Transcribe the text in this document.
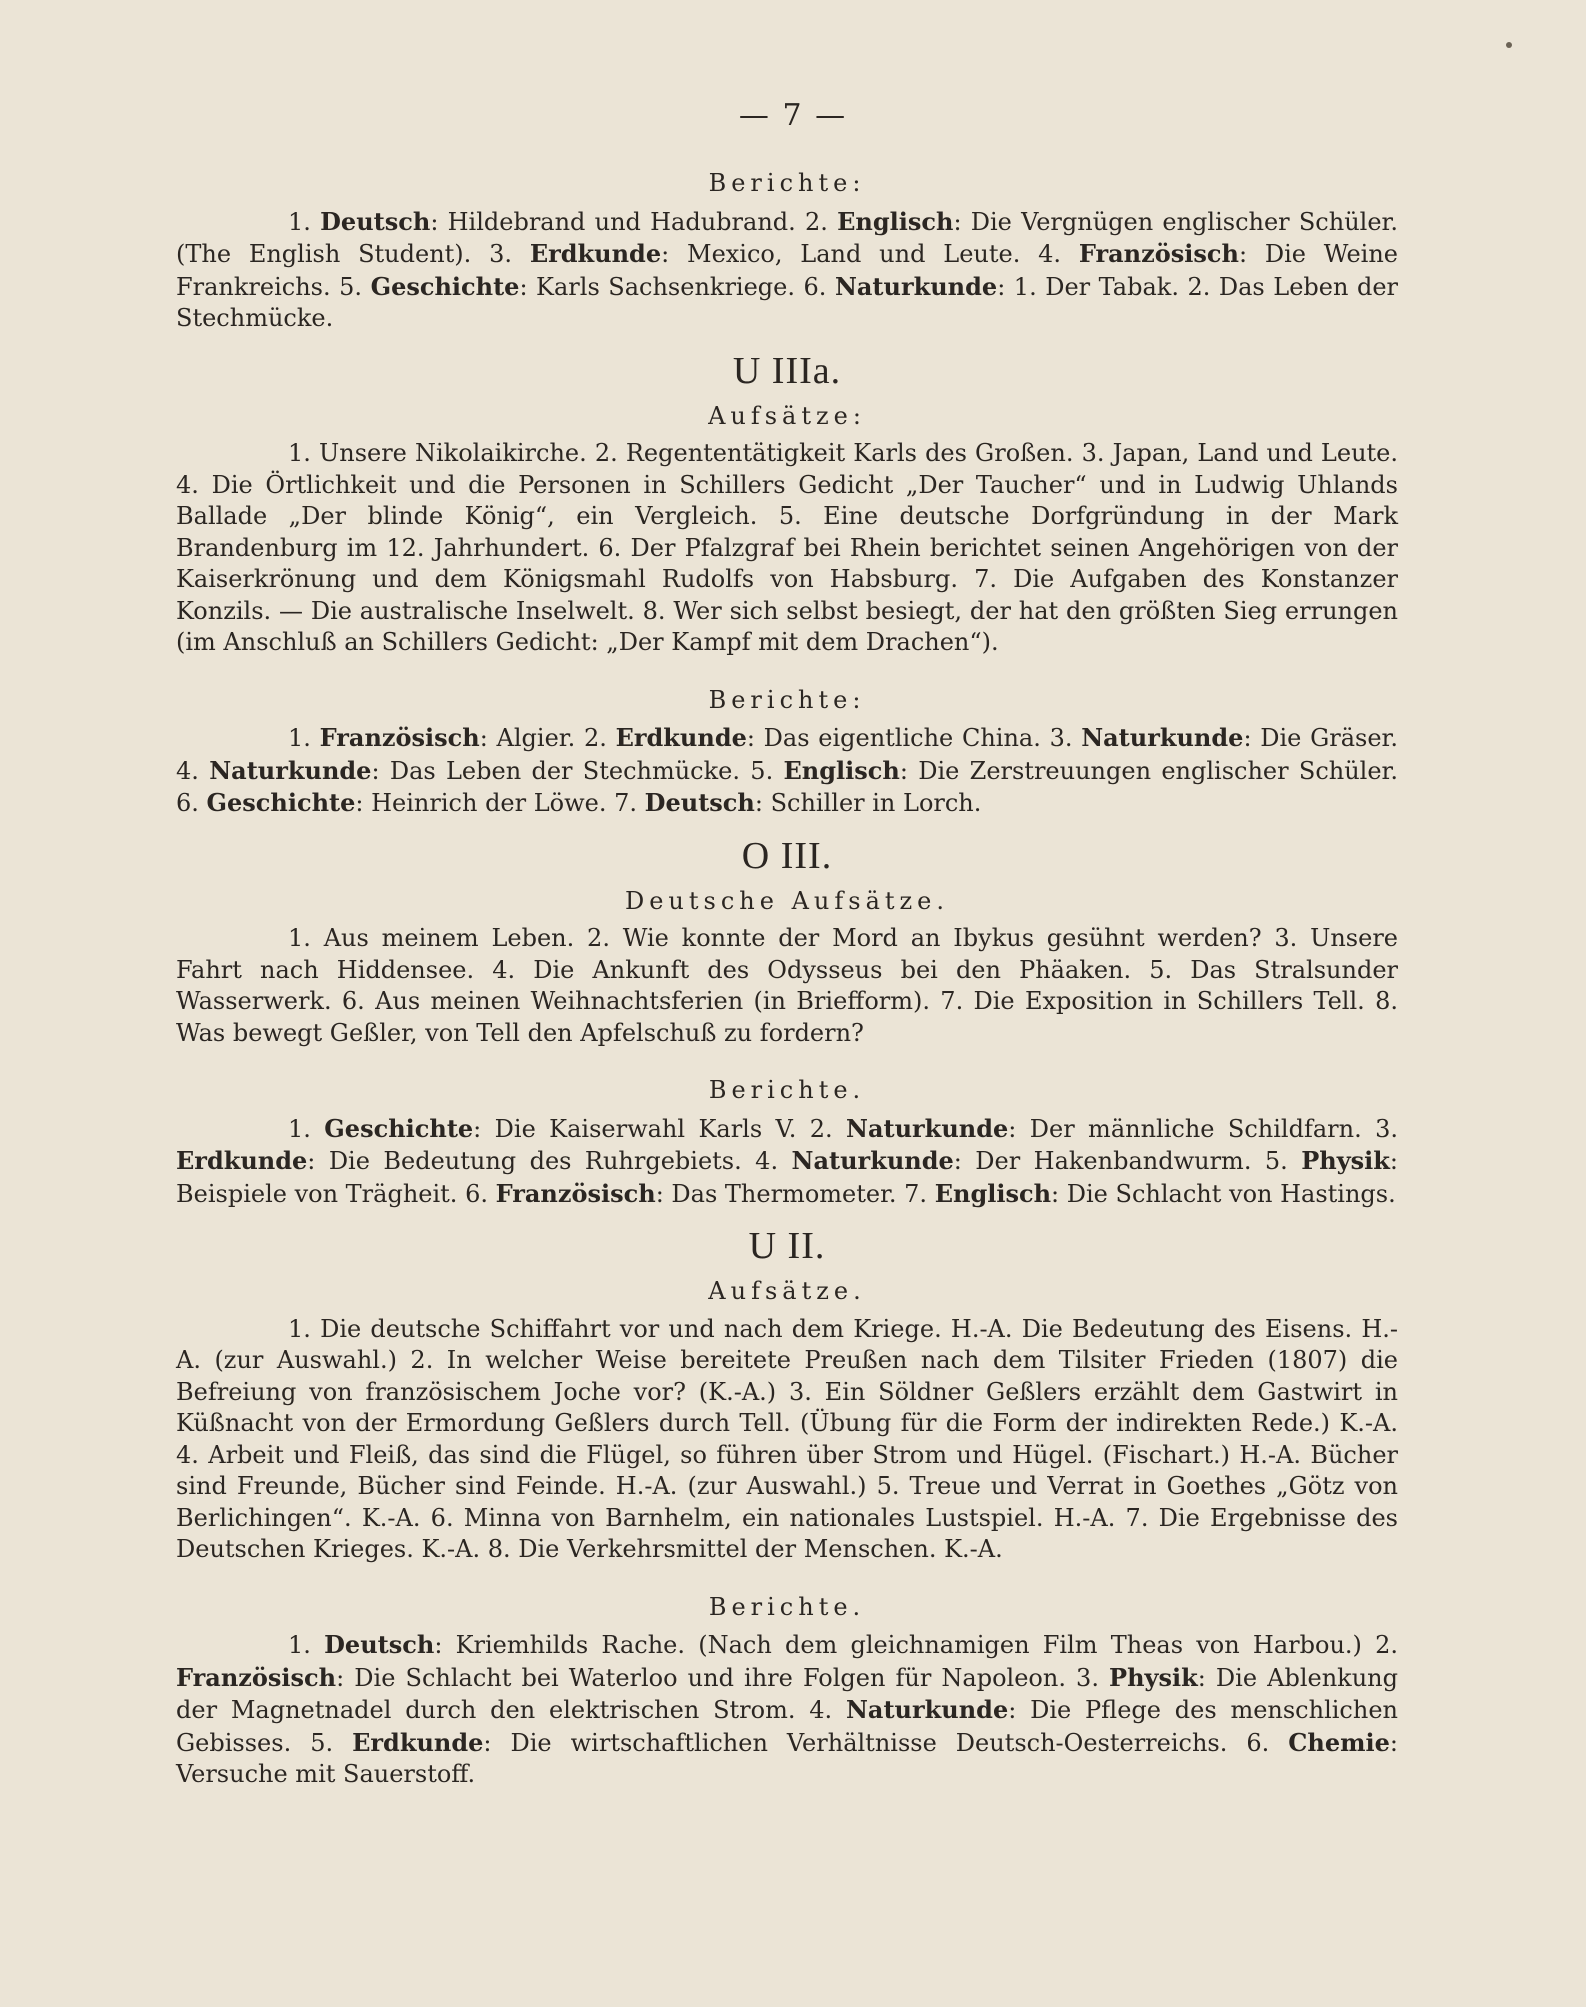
— 7 —
Berichte:

1. Deutsch: Hildebrand und Hadubrand. 2. Englisch: Die Vergnügen englischer Schüler. (The English Student). 3. Erdkunde: Mexico, Land und Leute. 4. Französisch: Die Weine Frankreichs. 5. Geschichte: Karls Sachsenkriege. 6. Naturkunde: 1. Der Tabak. 2. Das Leben der Stechmücke.

U IIIa.
Aufsätze:

1. Unsere Nikolaikirche. 2. Regententätigkeit Karls des Großen. 3. Japan, Land und Leute. 4. Die Örtlichkeit und die Personen in Schillers Gedicht „Der Taucher“ und in Ludwig Uhlands Ballade „Der blinde König“, ein Vergleich. 5. Eine deutsche Dorfgründung in der Mark Brandenburg im 12. Jahrhundert. 6. Der Pfalzgraf bei Rhein berichtet seinen Angehörigen von der Kaiserkrönung und dem Königsmahl Rudolfs von Habsburg. 7. Die Aufgaben des Konstanzer Konzils. — Die australische Inselwelt. 8. Wer sich selbst besiegt, der hat den größten Sieg errungen (im Anschluß an Schillers Gedicht: „Der Kampf mit dem Drachen“).

Berichte:

1. Französisch: Algier. 2. Erdkunde: Das eigentliche China. 3. Naturkunde: Die Gräser. 4. Naturkunde: Das Leben der Stechmücke. 5. Englisch: Die Zerstreuungen englischer Schüler. 6. Geschichte: Heinrich der Löwe. 7. Deutsch: Schiller in Lorch.

O III.
Deutsche Aufsätze.

1. Aus meinem Leben. 2. Wie konnte der Mord an Ibykus gesühnt werden? 3. Unsere Fahrt nach Hiddensee. 4. Die Ankunft des Odysseus bei den Phäaken. 5. Das Stralsunder Wasserwerk. 6. Aus meinen Weihnachtsferien (in Briefform). 7. Die Exposition in Schillers Tell. 8. Was bewegt Geßler, von Tell den Apfelschuß zu fordern?

Berichte.

1. Geschichte: Die Kaiserwahl Karls V. 2. Naturkunde: Der männliche Schildfarn. 3. Erdkunde: Die Bedeutung des Ruhrgebiets. 4. Naturkunde: Der Hakenbandwurm. 5. Physik: Beispiele von Trägheit. 6. Französisch: Das Thermometer. 7. Englisch: Die Schlacht von Hastings.

U II.
Aufsätze.

1. Die deutsche Schiffahrt vor und nach dem Kriege. H.-A. Die Bedeutung des Eisens. H.-A. (zur Auswahl.) 2. In welcher Weise bereitete Preußen nach dem Tilsiter Frieden (1807) die Befreiung von französischem Joche vor? (K.-A.) 3. Ein Söldner Geßlers erzählt dem Gastwirt in Küßnacht von der Ermordung Geßlers durch Tell. (Übung für die Form der indirekten Rede.) K.-A. 4. Arbeit und Fleiß, das sind die Flügel, so führen über Strom und Hügel. (Fischart.) H.-A. Bücher sind Freunde, Bücher sind Feinde. H.-A. (zur Auswahl.) 5. Treue und Verrat in Goethes „Götz von Berlichingen“. K.-A. 6. Minna von Barnhelm, ein nationales Lustspiel. H.-A. 7. Die Ergebnisse des Deutschen Krieges. K.-A. 8. Die Verkehrsmittel der Menschen. K.-A.

Berichte.

1. Deutsch: Kriemhilds Rache. (Nach dem gleichnamigen Film Theas von Harbou.) 2. Französisch: Die Schlacht bei Waterloo und ihre Folgen für Napoleon. 3. Physik: Die Ablenkung der Magnetnadel durch den elektrischen Strom. 4. Naturkunde: Die Pflege des menschlichen Gebisses. 5. Erdkunde: Die wirtschaftlichen Verhältnisse Deutsch-Oesterreichs. 6. Chemie: Versuche mit Sauerstoff.
